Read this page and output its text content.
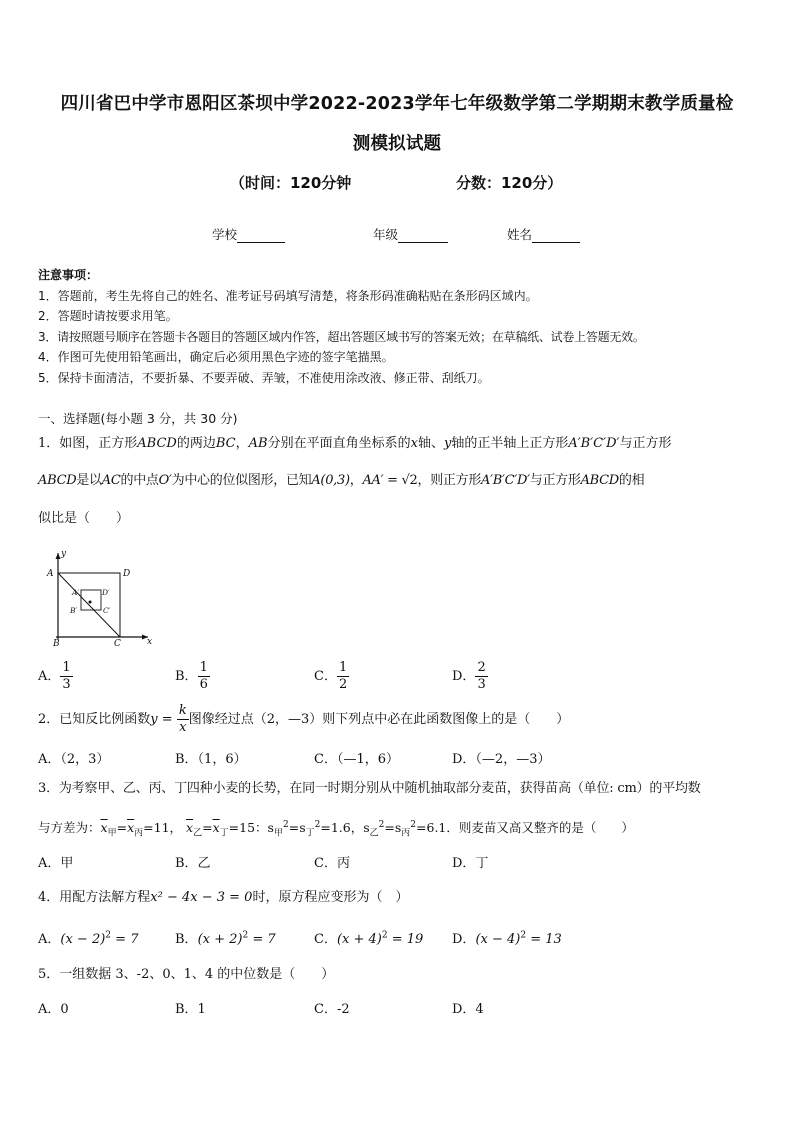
四川省巴中学市恩阳区茶坝中学2022-2023学年七年级数学第二学期期末教学质量检
测模拟试题
（时间：120分钟	分数：120分）
学校	年级	姓名
注意事项：
1．答题前，考生先将自己的姓名、准考证号码填写清楚，将条形码准确粘贴在条形码区域内。
2．答题时请按要求用笔。
3．请按照题号顺序在答题卡各题目的答题区域内作答，超出答题区域书写的答案无效；在草稿纸、试卷上答题无效。
4．作图可先使用铅笔画出，确定后必须用黑色字迹的签字笔描黑。
5．保持卡面清洁，不要折暴、不要弄破、弄皱，不准使用涂改液、修正带、刮纸刀。
一、选择题(每小题 3 分，共 30 分)
1．如图，正方形ABCD的两边BC，AB分别在平面直角坐标系的x轴、y轴的正半轴上正方形A′B′C′D′与正方形
ABCD是以AC的中点O′为中心的位似图形，已知A(0,3)，AA′ = √2，则正方形A′B′C′D′与正方形ABCD的相
似比是（　　）
y
x
A	D
A′	D′
B′	C′
B	C
A． $\frac{1}{3}$	B． $\frac{1}{6}$	C． $\frac{1}{2}$	D． $\frac{2}{3}$
2．已知反比例函数$y = \frac{k}{x}$ 图像经过点（2，—3）则下列点中必在此函数图像上的是（　　）
A．（2，3）	B．（1，6）	C．（—1，6）	D．（—2，—3）
3．为考察甲、乙、丙、丁四种小麦的长势，在同一时期分别从中随机抽取部分麦苗，获得苗高（单位: cm）的平均数
与方差为：$\overline{x}_甲=\overline{x}_丙=11$， $\overline{x}_乙=\overline{x}_丁=15$：$s_甲^2=s_丁^2=1.6$，$s_乙^2=s_丙^2=6.1$．则麦苗又高又整齐的是（　　）
A．甲	B．乙	C．丙	D．丁
4．用配方法解方程x² − 4x − 3 = 0时，原方程应变形为（　）
A．$(x - 2)^2 = 7$	B．$(x + 2)^2 = 7$	C．$(x + 4)^2 = 19$ D．$(x - 4)^2 = 13$
5．一组数据 3、-2、0、1、4 的中位数是（　　）
A．0	B．1	C．-2	D．4
